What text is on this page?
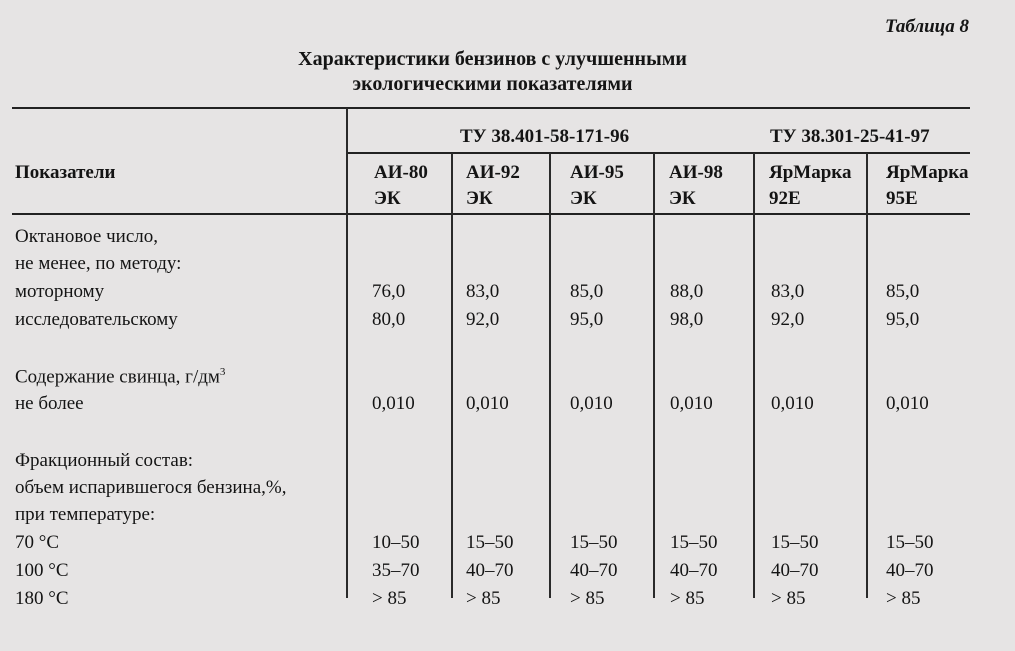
Таблица 8
Характеристики бензинов с улучшенными
экологическими показателями
Показатели
ТУ 38.401-58-171-96	ТУ 38.301-25-41-97
АИ-80
ЭК
АИ-92
ЭК
АИ-95
ЭК
АИ-98
ЭК
ЯрМарка
92Е
ЯрМарка
95Е
Октановое число,
не менее, по методу:
моторному
исследовательскому
Содержание свинца, $г/дм^3$
не более
Фракционный состав:
объем испарившегося бензина,%,
при температуре:
70 °С
100 °С
180 °С
76,0
80,0
0,010
10–50
35–70
> 85
83,0
92,0
0,010
15–50
40–70
> 85
85,0
95,0
0,010
15–50
40–70
> 85
88,0
98,0
0,010
15–50
40–70
> 85
83,0
92,0
0,010
15–50
40–70
> 85
85,0
95,0
0,010
15–50
40–70
> 85
